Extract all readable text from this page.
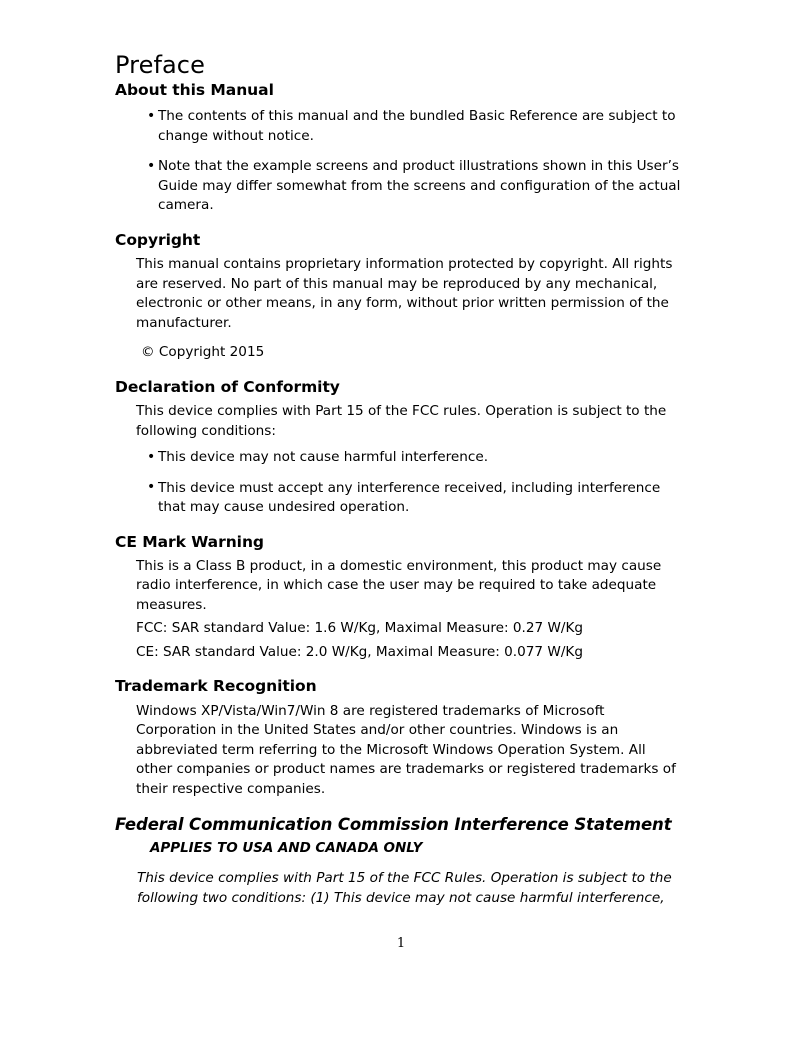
Preface
About this Manual
• The contents of this manual and the bundled Basic Reference are subject to change without notice.
• Note that the example screens and product illustrations shown in this User’s Guide may differ somewhat from the screens and configuration of the actual camera.
Copyright

This manual contains proprietary information protected by copyright. All rights are reserved. No part of this manual may be reproduced by any mechanical, electronic or other means, in any form, without prior written permission of the manufacturer.

© Copyright 2015

Declaration of Conformity

This device complies with Part 15 of the FCC rules. Operation is subject to the following conditions:

• This device may not cause harmful interference.
• This device must accept any interference received, including interference that may cause undesired operation.
CE Mark Warning

This is a Class B product, in a domestic environment, this product may cause radio interference, in which case the user may be required to take adequate measures.

FCC: SAR standard Value: 1.6 W/Kg, Maximal Measure: 0.27 W/Kg

CE: SAR standard Value: 2.0 W/Kg, Maximal Measure: 0.077 W/Kg

Trademark Recognition

Windows XP/Vista/Win7/Win 8 are registered trademarks of Microsoft Corporation in the United States and/or other countries. Windows is an abbreviated term referring to the Microsoft Windows Operation System. All other companies or product names are trademarks or registered trademarks of their respective companies.

Federal Communication Commission Interference Statement
APPLIES TO USA AND CANADA ONLY

This device complies with Part 15 of the FCC Rules. Operation is subject to the following two conditions: (1) This device may not cause harmful interference,

1
